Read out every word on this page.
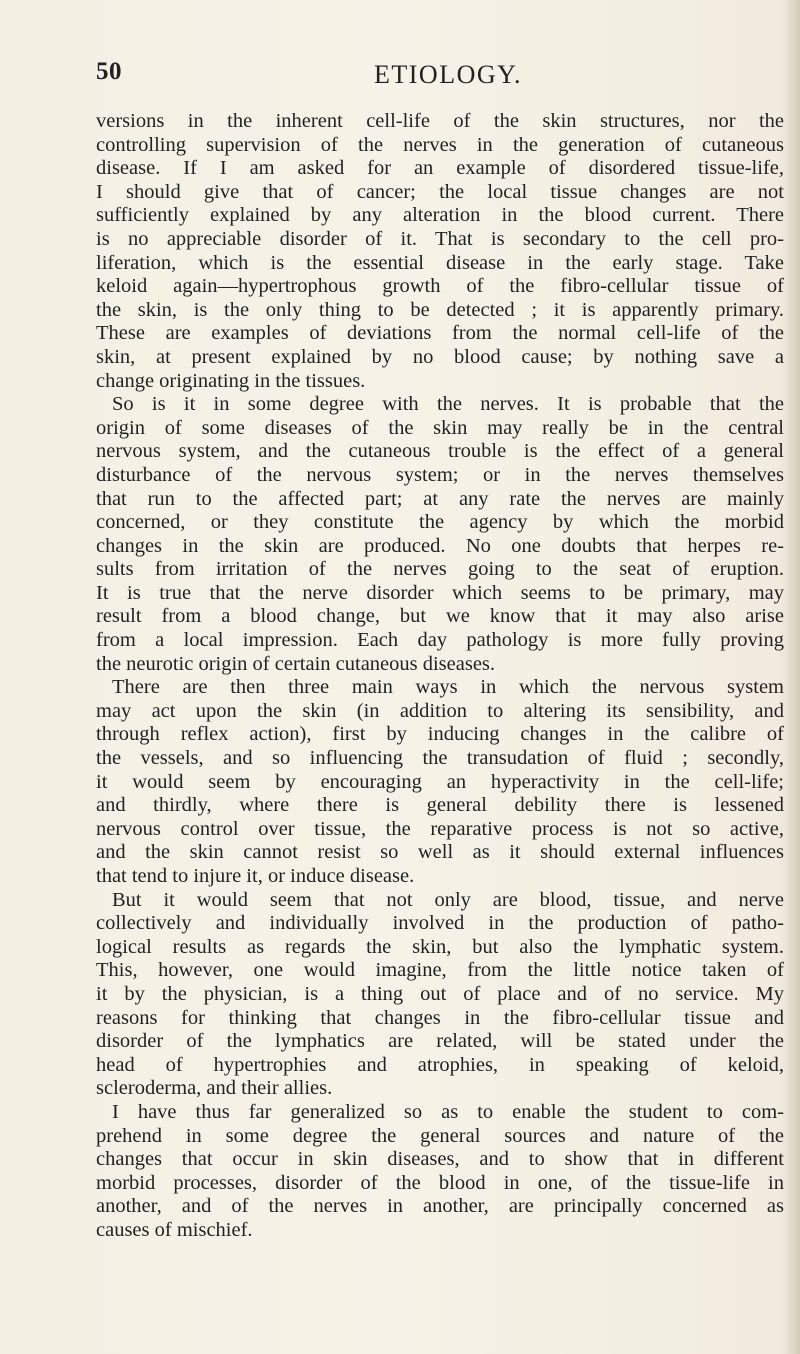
50	ETIOLOGY.
versions in the inherent cell-life of the skin structures, nor the
controlling supervision of the nerves in the generation of cutaneous
disease. If I am asked for an example of disordered tissue-life,
I should give that of cancer; the local tissue changes are not
sufficiently explained by any alteration in the blood current. There
is no appreciable disorder of it. That is secondary to the cell pro-
liferation, which is the essential disease in the early stage. Take
keloid again—hypertrophous growth of the fibro-cellular tissue of
the skin, is the only thing to be detected ; it is apparently primary.
These are examples of deviations from the normal cell-life of the
skin, at present explained by no blood cause; by nothing save a
change originating in the tissues.
So is it in some degree with the nerves. It is probable that the
origin of some diseases of the skin may really be in the central
nervous system, and the cutaneous trouble is the effect of a general
disturbance of the nervous system; or in the nerves themselves
that run to the affected part; at any rate the nerves are mainly
concerned, or they constitute the agency by which the morbid
changes in the skin are produced. No one doubts that herpes re-
sults from irritation of the nerves going to the seat of eruption.
It is true that the nerve disorder which seems to be primary, may
result from a blood change, but we know that it may also arise
from a local impression. Each day pathology is more fully proving
the neurotic origin of certain cutaneous diseases.
There are then three main ways in which the nervous system
may act upon the skin (in addition to altering its sensibility, and
through reflex action), first by inducing changes in the calibre of
the vessels, and so influencing the transudation of fluid ; secondly,
it would seem by encouraging an hyperactivity in the cell-life;
and thirdly, where there is general debility there is lessened
nervous control over tissue, the reparative process is not so active,
and the skin cannot resist so well as it should external influences
that tend to injure it, or induce disease.
But it would seem that not only are blood, tissue, and nerve
collectively and individually involved in the production of patho-
logical results as regards the skin, but also the lymphatic system.
This, however, one would imagine, from the little notice taken of
it by the physician, is a thing out of place and of no service. My
reasons for thinking that changes in the fibro-cellular tissue and
disorder of the lymphatics are related, will be stated under the
head of hypertrophies and atrophies, in speaking of keloid,
scleroderma, and their allies.
I have thus far generalized so as to enable the student to com-
prehend in some degree the general sources and nature of the
changes that occur in skin diseases, and to show that in different
morbid processes, disorder of the blood in one, of the tissue-life in
another, and of the nerves in another, are principally concerned as
causes of mischief.
